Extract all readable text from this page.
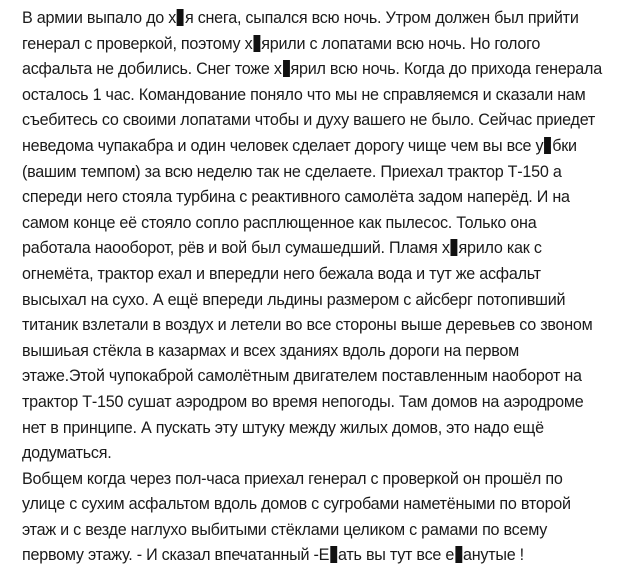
В армии выпало до х я снега, сыпался всю ночь. Утром должен был прийти
генерал с проверкой, поэтому х ярили с лопатами всю ночь. Но голого
асфальта не добились. Снег тоже х ярил всю ночь. Когда до прихода генерала
осталось 1 час. Командование поняло что мы не справляемся и сказали нам
съебитесь со своими лопатами чтобы и духу вашего не было. Сейчас приедет
неведома чупакабра и один человек сделает дорогу чище чем вы все у бки
(вашим темпом) за всю неделю так не сделаете. Приехал трактор Т-150 а
спереди него стояла турбина с реактивного самолёта задом наперёд. И на
самом конце её стояло сопло расплющенное как пылесос. Только она
работала наооборот, рёв и вой был сумашедший. Пламя х ярило как с
огнемёта, трактор ехал и впередли него бежала вода и тут же асфальт
высыхал на сухо. А ещё впереди льдины размером с айсберг потопивший
титаник взлетали в воздух и летели во все стороны выше деревьев со звоном
вышиьая стёкла в казармах и всех зданиях вдоль дороги на первом
этаже.Этой чупокаброй самолётным двигателем поставленным наоборот на
трактор Т-150 сушат аэродром во время непогоды. Там домов на аэродроме
нет в принципе. А пускать эту штуку между жилых домов, это надо ещё
додуматься.
Вобщем когда через пол-часа приехал генерал с проверкой он прошёл по
улице с сухим асфальтом вдоль домов с сугробами наметёными по второй
этаж и с везде наглухо выбитыми стёклами целиком с рамами по всему
первому этажу. - И сказал впечатанный -Е ать вы тут все е анутые !
